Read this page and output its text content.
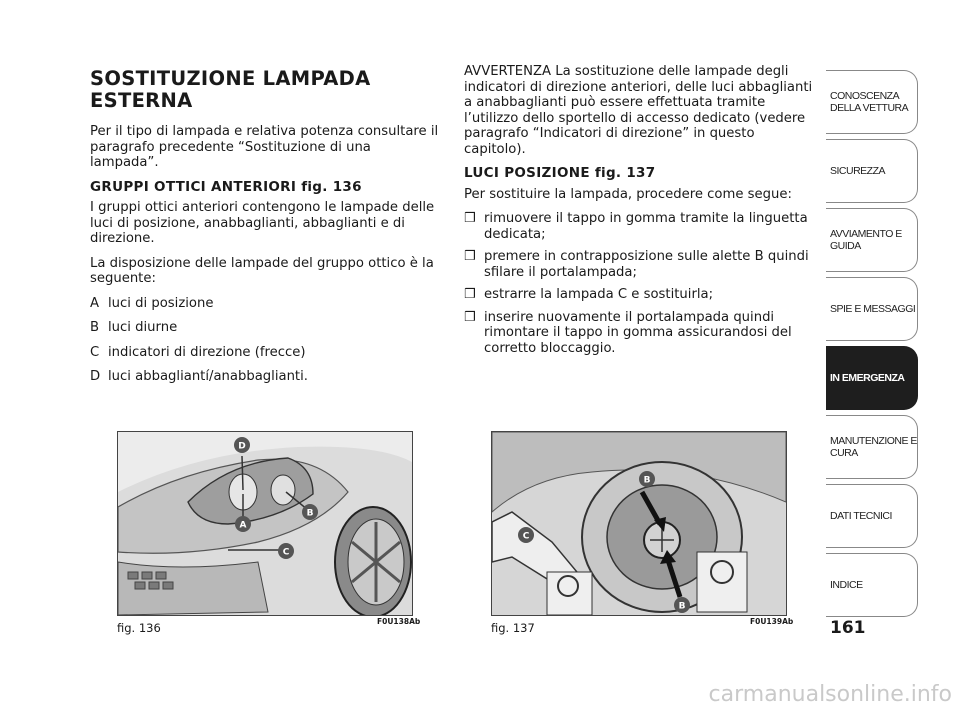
SOSTITUZIONE LAMPADA ESTERNA

Per il tipo di lampada e relativa potenza consultare il paragrafo precedente “Sostituzione di una lampada”.

GRUPPI OTTICI ANTERIORI fig. 136

I gruppi ottici anteriori contengono le lampade delle luci di posizione, anabbaglianti, abbaglianti e di direzione.

La disposizione delle lampade del gruppo ottico è la seguente:

A luci di posizione
B luci diurne
C indicatori di direzione (frecce)
D luci abbagliantí/anabbaglianti.

AVVERTENZA La sostituzione delle lampade degli indicatori di direzione anteriori, delle luci abbaglianti a anabbaglianti può essere effettuata tramite l’utilizzo dello sportello di accesso dedicato (vedere paragrafo “Indicatori di direzione” in questo capitolo).

LUCI POSIZIONE fig. 137

Per sostituire la lampada, procedere come segue:

❒ rimuovere il tappo in gomma tramite la linguetta dedicata;
❒ premere in contrapposizione sulle alette B quindi sfilare il portalampada;
❒ estrarre la lampada C e sostituirla;
❒ inserire nuovamente il portalampada quindi rimontare il tappo in gomma assicurandosi del corretto bloccaggio.
D
A
B
C
fig. 136	F0U138Ab
B
C
B
fig. 137	F0U139Ab
CONOSCENZA DELLA VETTURA
SICUREZZA
AVVIAMENTO E GUIDA
SPIE E MESSAGGI
IN EMERGENZA
MANUTENZIONE E CURA
DATI TECNICI
INDICE
161
carmanualsonline.info
